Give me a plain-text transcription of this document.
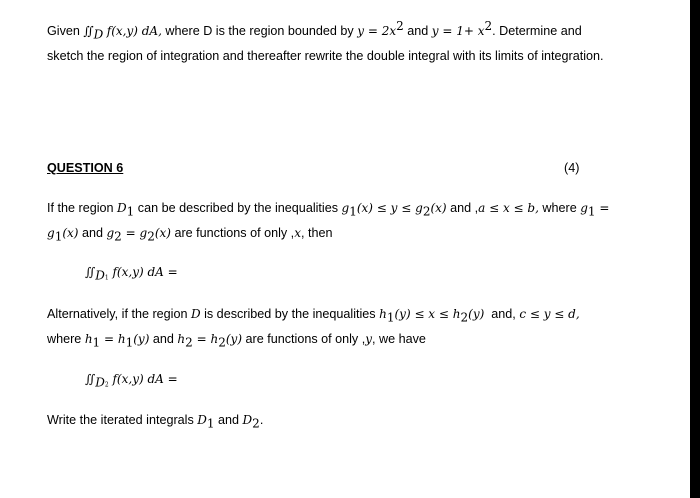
Given $∬_D$ f(x,y) dA, where D is the region bounded by $y = 2x^2$ and $y = 1+ x^2$. Determine and
sketch the region of integration and thereafter rewrite the double integral with its limits of integration.
QUESTION 6	(4)
If the region $D_1$ can be described by the inequalities $g_1(x) \le y \le g_2(x)$ and ,a ≤ x ≤ b, where $g_1$ =
$g_1(x)$ and $g_2 = g_2(x)$ are functions of only ,x, then
$∬_{D1}$ f(x,y) dA =
Alternatively, if the region D is described by the inequalities $h_1(y) \le x \le h_2(y)$  and, c ≤ y ≤ d,
where $h_1 = h_1(y)$ and $h_2 = h_2(y)$ are functions of only ,y, we have
$∬_{D2}$ f(x,y) dA =
Write the iterated integrals $D_1$ and $D_2$.
